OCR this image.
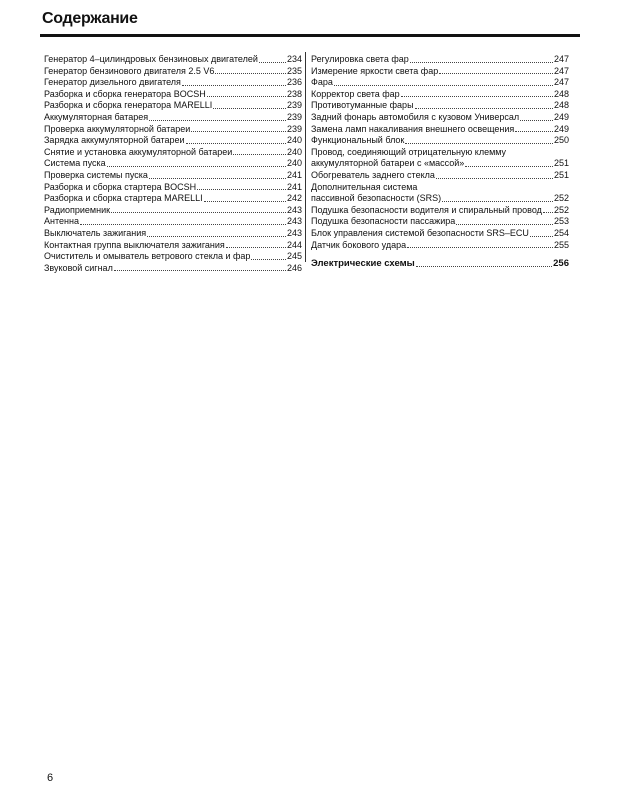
Содержание
Генератор 4–цилиндровых бензиновых двигателей	234
Генератор бензинового двигателя 2.5 V6	235
Генератор дизельного двигателя	236
Разборка и сборка генератора BOCSH	238
Разборка и сборка генератора MARELLI	239
Аккумуляторная батарея	239
Проверка аккумуляторной батареи	239
Зарядка аккумуляторной батареи	240
Снятие и установка аккумуляторной батареи	240
Система пуска	240
Проверка системы пуска	241
Разборка и сборка стартера BOCSH	241
Разборка и сборка стартера MARELLI	242
Радиоприемник	243
Антенна	243
Выключатель зажигания	243
Контактная группа выключателя зажигания	244
Очиститель и омыватель ветрового стекла и фар	245
Звуковой сигнал	246
Регулировка света фар	247
Измерение яркости света фар	247
Фара	247
Корректор света фар	248
Противотуманные фары	248
Задний фонарь автомобиля с кузовом Универсал	249
Замена ламп накаливания внешнего освещения	249
Функциональный блок	250
Провод, соединяющий отрицательную клемму
аккумуляторной батареи с «массой»	251
Обогреватель заднего стекла	251
Дополнительная система
пассивной безопасности (SRS)	252
Подушка безопасности водителя и спиральный провод 252
Подушка безопасности пассажира	253
Блок управления системой безопасности SRS–ECU	254
Датчик бокового удара	255
Электрические схемы	256
6
